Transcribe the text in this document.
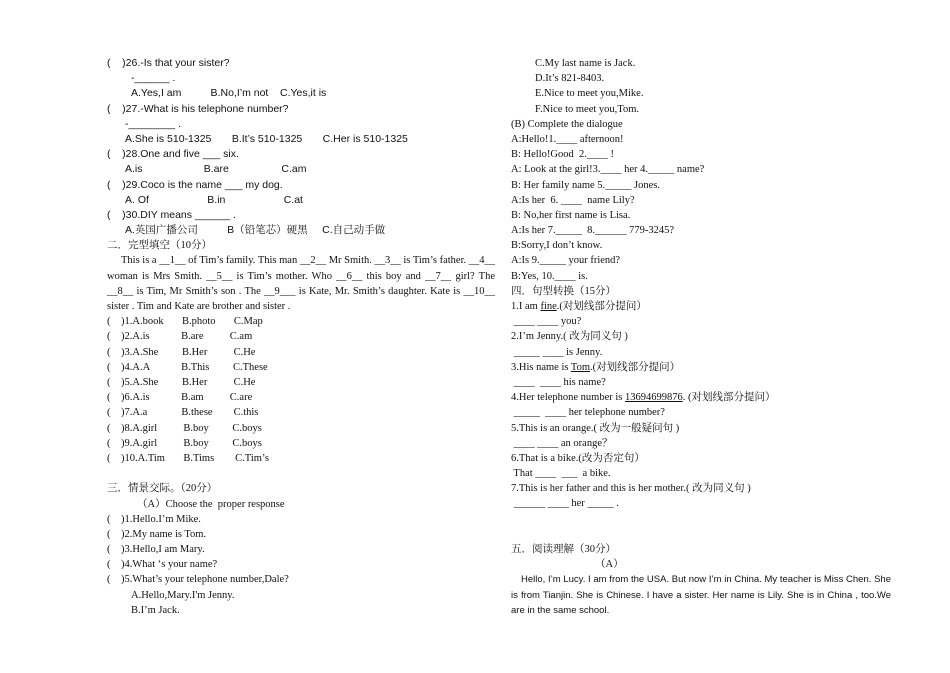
(    )26.-Is that your sister?

-______ .

A.Yes,I am          B.No,I’m not    C.Yes,it is

(    )27.-What is his telephone number?

-________ .

A.She is 510-1325       B.It’s 510-1325       C.Her is 510-1325

(    )28.One and five ___ six.

A.is                     B.are                  C.am

(    )29.Coco is the name ___ my dog.

A. Of                    B.in                    C.at

(    )30.DIY means ______ .

A.英国广播公司          B（铅笔芯）硬黑     C.自己动手做

二．完型填空（10分）

This is a __1__ of Tim’s family. This man __2__ Mr Smith. __3__ is Tim’s father. __4__ woman is Mrs Smith. __5__ is Tim’s mother. Who __6__ this boy and __7__ girl? The __8__ is Tim, Mr Smith’s son . The __9___ is Kate, Mr. Smith’s daughter. Kate is __10__ sister . Tim and Kate are brother and sister .

(    )1.A.book       B.photo       C.Map

(    )2.A.is            B.are          C.am

(    )3.A.She         B.Her          C.He

(    )4.A.A            B.This         C.These

(    )5.A.She         B.Her          C.He

(    )6.A.is            B.am          C.are

(    )7.A.a             B.these        C.this

(    )8.A.girl          B.boy         C.boys

(    )9.A.girl          B.boy         C.boys

(    )10.A.Tim       B.Tims        C.Tim’s

三．情景交际。（20分）

（A）Choose the  proper response

(    )1.Hello.I’m Mike.

(    )2.My name is Tom.

(    )3.Hello,I am Mary.

(    )4.What ‘s your name?

(    )5.What’s your telephone number,Dale?

A.Hello,Mary.I'm Jenny.

B.I’m Jack.

C.My last name is Jack.

D.It’s 821-8403.

E.Nice to meet you,Mike.

F.Nice to meet you,Tom.

(B) Complete the dialogue

A:Hello!1.____ afternoon!

B: Hello!Good  2.____ !

A: Look at the girl!3.____ her 4._____ name?

B: Her family name 5._____ Jones.

A:Is her  6. ____  name Lily?

B: No,her first name is Lisa.

A:Is her 7._____  8.______ 779-3245?

B:Sorry,I don’t know.

A:Is 9._____ your friend?

B:Yes, 10.____ is.

四．句型转换（15分）

1.I am fine.(对划线部分提问）

____ ____ you?

2.I’m Jenny.( 改为同义句 )

_____ ____ is Jenny.

3.His name is Tom.(对划线部分提问）

____  ____ his name?

4.Her telephone number is 13694699876. (对划线部分提问）

_____  ____ her telephone number?

5.This is an orange.( 改为一般疑问句 )

____ ____ an orange？

6.That is a bike.(改为否定句）

That ____  ___  a bike.

7.This is her father and this is her mother.( 改为同义句 )

______ ____ her _____ .

五．阅读理解（30分）

（A）

Hello, I’m Lucy. I am from the USA. But now I’m in China. My teacher is Miss Chen. She is from Tianjin. She is Chinese. I have a sister. Her name is Lily. She is in China , too.We are in the same school.
